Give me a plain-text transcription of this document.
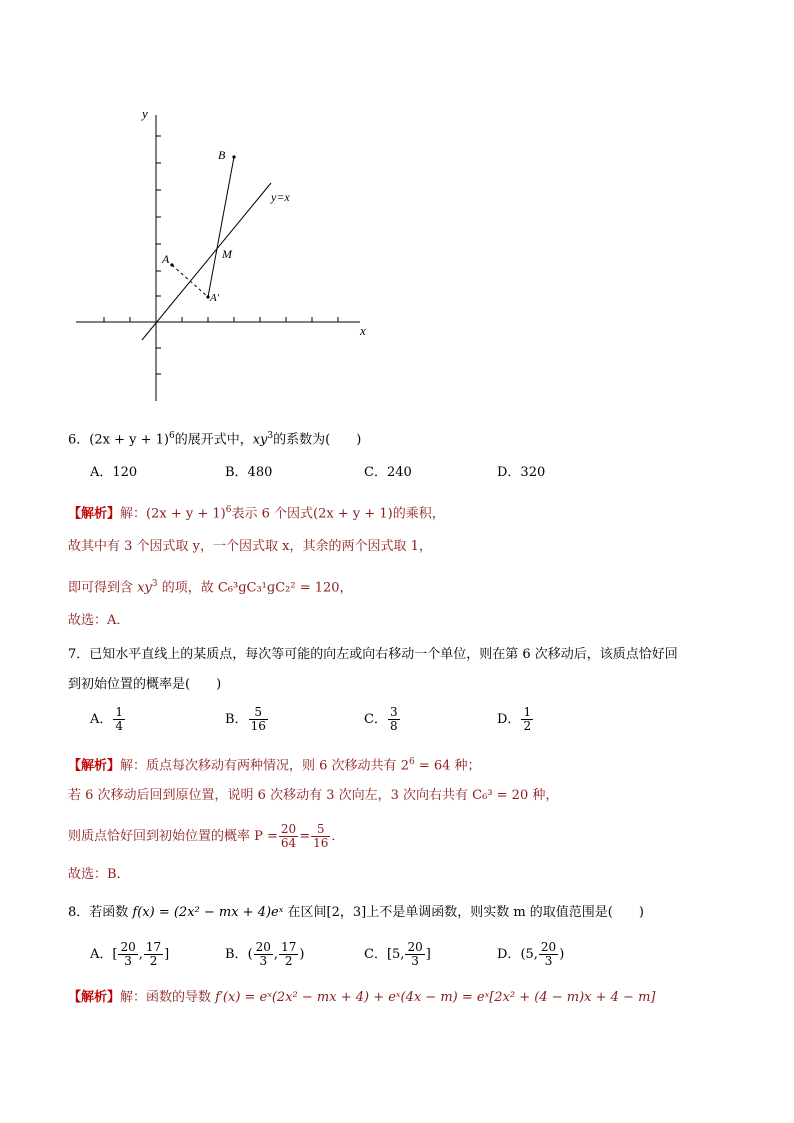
y
x
B
y=x
M
A
A′
6．$(2x + y + 1)^6$的展开式中，$xy^3$的系数为(　　)
A．120	B．480	C．240	D．320
【解析】解：$(2x + y + 1)^6$表示 6 个因式(2x + y + 1)的乘积，
故其中有 3 个因式取 y，一个因式取 x，其余的两个因式取 1，
即可得到含 $xy^3$ 的项，故 C₆³ɡC₃¹ɡC₂² = 120，
故选：A．
7．已知水平直线上的某质点，每次等可能的向左或向右移动一个单位，则在第 6 次移动后，该质点恰好回
到初始位置的概率是(　　)
A． $\frac{1}{4}$	B． $\frac{5}{16}$	C． $\frac{3}{8}$	D． $\frac{1}{2}$
【解析】解：质点每次移动有两种情况，则 6 次移动共有 $2^6 = 64$ 种；
若 6 次移动后回到原位置，说明 6 次移动有 3 次向左，3 次向右共有 C₆³ = 20 种，
则质点恰好回到初始位置的概率 $P = \frac{20}{64} = \frac{5}{16}$ ．
故选：B．
8．若函数 f(x) = (2x² − mx + 4)eˣ 在区间[2，3]上不是单调函数，则实数 m 的取值范围是(　　)
A．[ $\frac{20}{3}$ , $\frac{17}{2}$ ]	B．( $\frac{20}{3}$ , $\frac{17}{2}$ )	C．[5, $\frac{20}{3}$ ]	D．(5, $\frac{20}{3}$ )
【解析】解：函数的导数 f′(x) = eˣ(2x² − mx + 4) + eˣ(4x − m) = eˣ[2x² + (4 − m)x + 4 − m]
